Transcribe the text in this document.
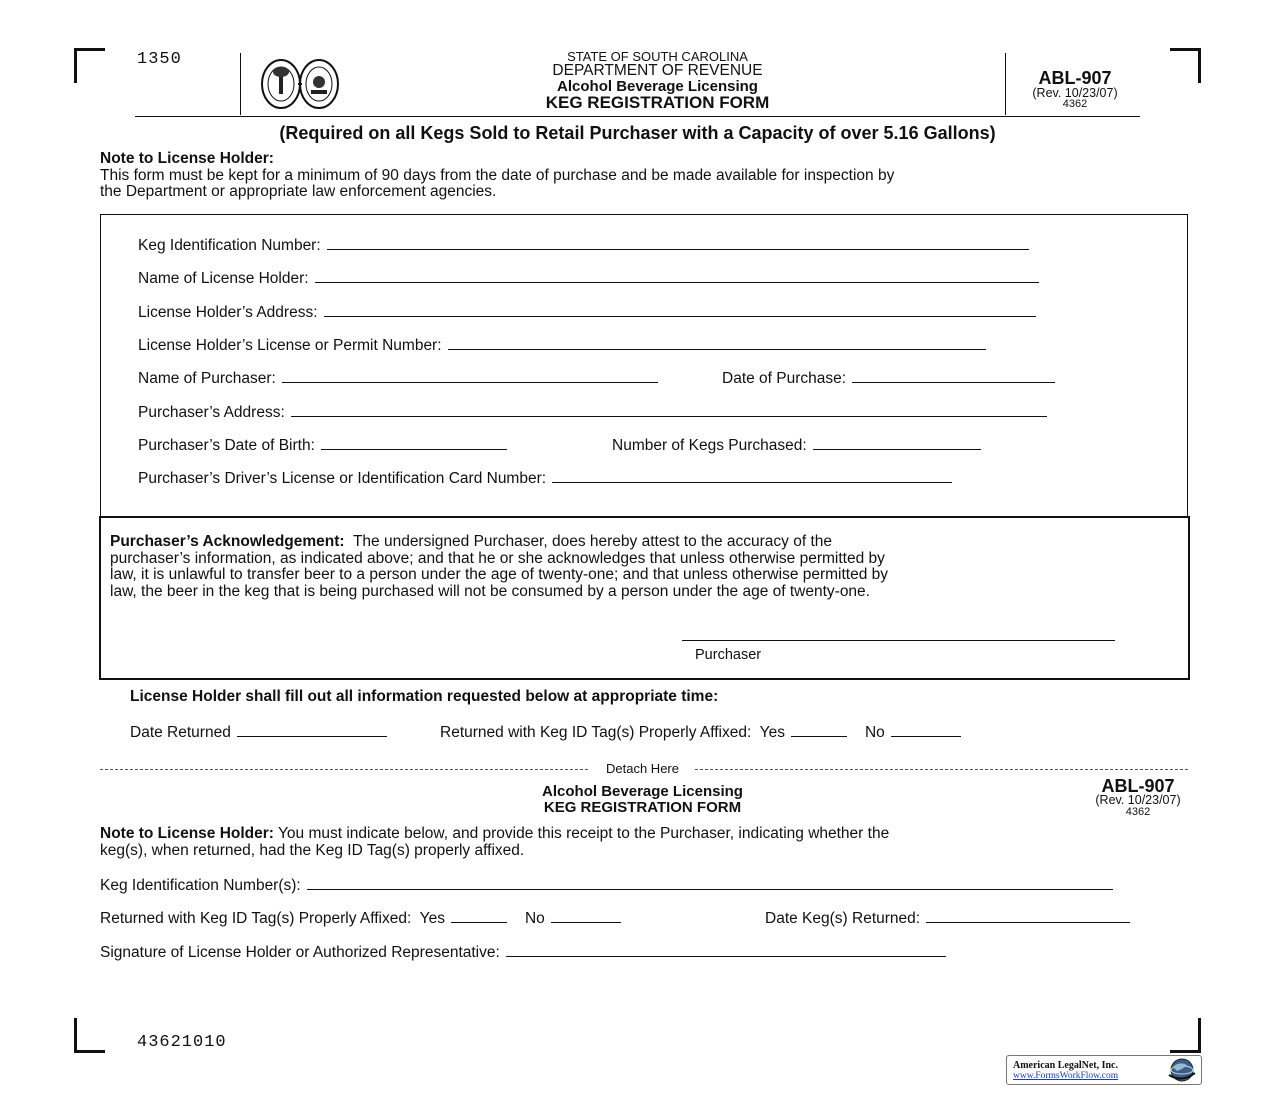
1350	STATE OF SOUTH CAROLINA
DEPARTMENT OF REVENUE
Alcohol Beverage Licensing
KEG REGISTRATION FORM
ABL-907
(Rev. 10/23/07)
4362
(Required on all Kegs Sold to Retail Purchaser with a Capacity of over 5.16 Gallons)
Note to License Holder:
This form must be kept for a minimum of 90 days from the date of purchase and be made available for inspection by
the Department or appropriate law enforcement agencies.
Keg Identification Number:
Name of License Holder:
License Holder’s Address:
License Holder’s License or Permit Number:
Name of Purchaser:	Date of Purchase:
Purchaser’s Address:
Purchaser’s Date of Birth:	Number of Kegs Purchased:
Purchaser’s Driver’s License or Identification Card Number:
Purchaser’s Acknowledgement: The undersigned Purchaser, does hereby attest to the accuracy of the
purchaser’s information, as indicated above; and that he or she acknowledges that unless otherwise permitted by
law, it is unlawful to transfer beer to a person under the age of twenty-one; and that unless otherwise permitted by
law, the beer in the keg that is being purchased will not be consumed by a person under the age of twenty-one.
Purchaser
License Holder shall fill out all information requested below at appropriate time:
Date Returned	Returned with Keg ID Tag(s) Properly Affixed: Yes	No
Detach Here
Alcohol Beverage Licensing
KEG REGISTRATION FORM
ABL-907
(Rev. 10/23/07)
4362
Note to License Holder: You must indicate below, and provide this receipt to the Purchaser, indicating whether the
keg(s), when returned, had the Keg ID Tag(s) properly affixed.
Keg Identification Number(s):
Returned with Keg ID Tag(s) Properly Affixed: Yes	No	Date Keg(s) Returned:
Signature of License Holder or Authorized Representative:
43621010
American LegalNet, Inc.
www.FormsWorkFlow.com
